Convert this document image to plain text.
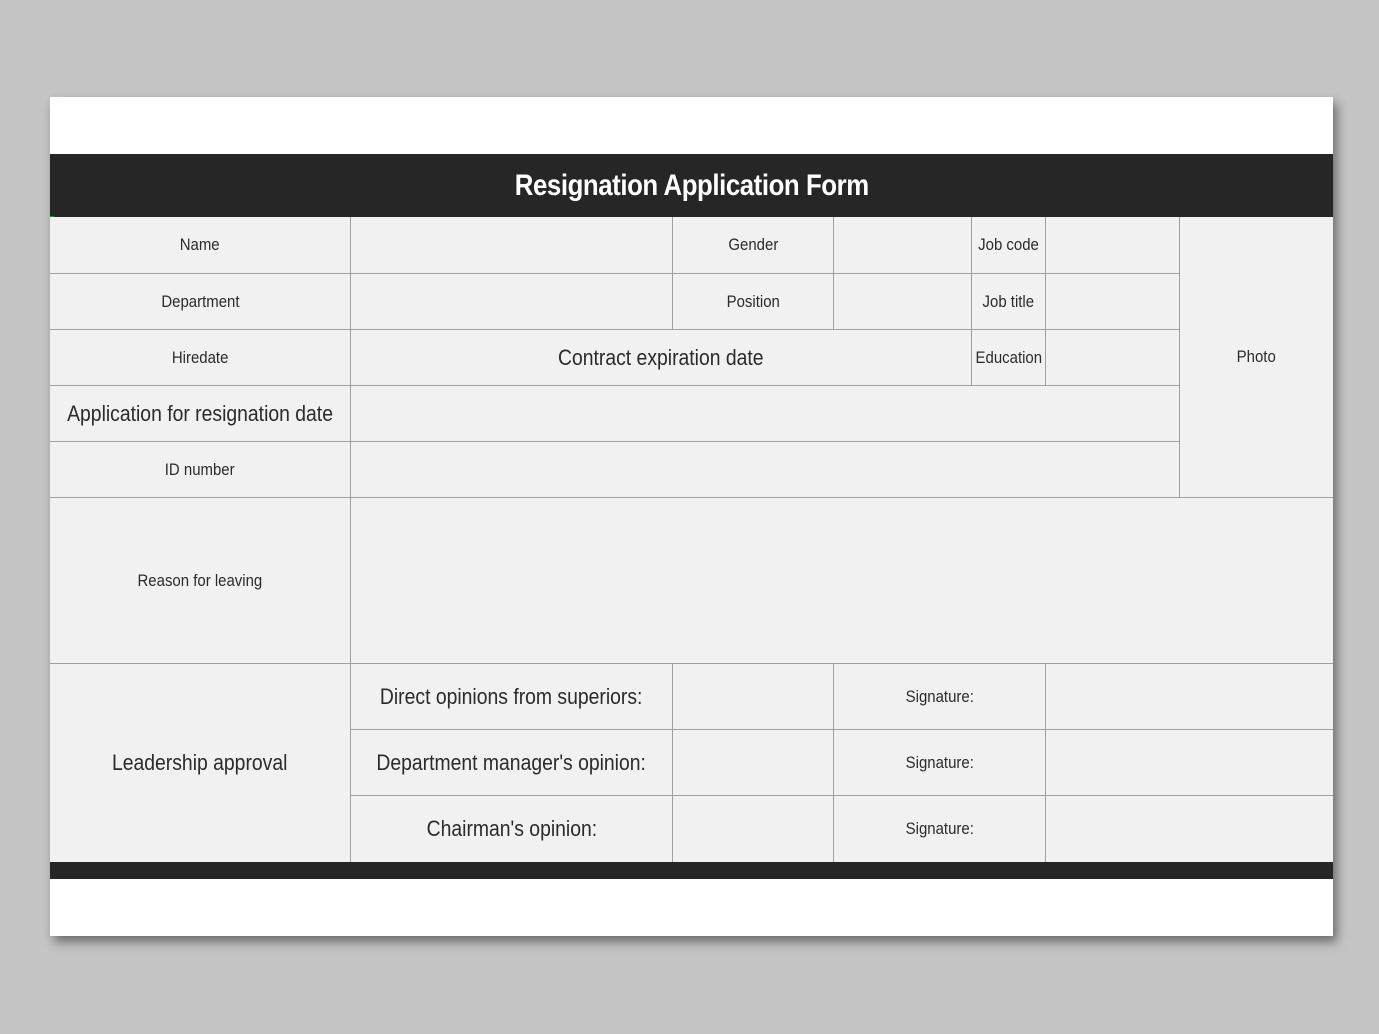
Resignation Application Form
Name	Gender	Job code
Photo
Department	Position	Job title
Hiredate	Contract expiration date	Education
Application for resignation date
ID number
Reason for leaving
Leadership approval
Direct opinions from superiors:	Signature:
Department manager's opinion:	Signature:
Chairman's opinion:	Signature:
